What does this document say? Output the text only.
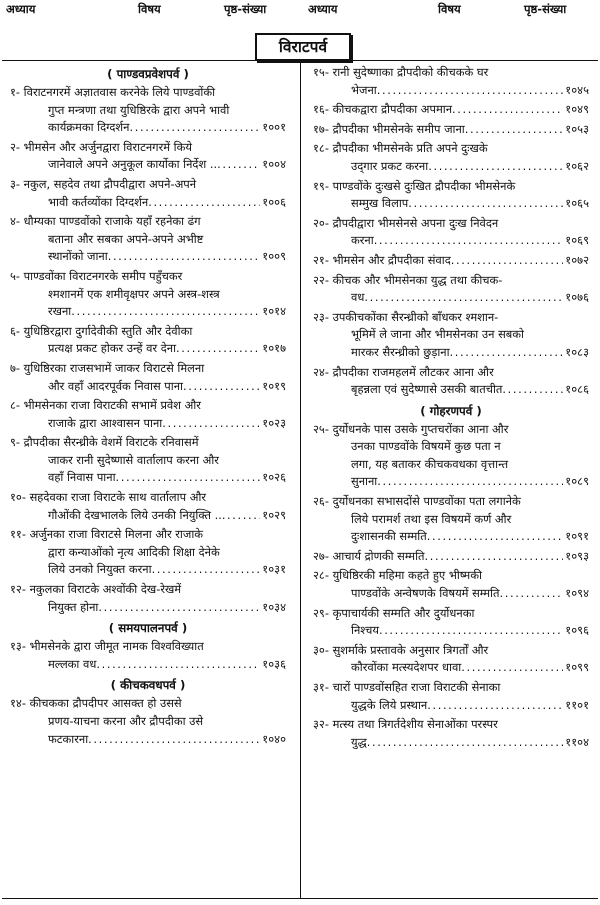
अध्याय	विषय	पृष्ठ-संख्या	अध्याय	विषय	पृष्ठ-संख्या
विराटपर्व
( पाण्डवप्रवेशपर्व )
१- विराटनगरमें अज्ञातवास करनेके लिये पाण्डवोंकी
गुप्त मन्त्रणा तथा युधिष्ठिरके द्वारा अपने भावी
कार्यक्रमका दिग्दर्शन . . .	१००१
२- भीमसेन और अर्जुनद्वारा विराटनगरमें किये
जानेवाले अपने अनुकूल कार्योका निर्देश .. . . .	१००४
३- नकुल, सहदेव तथा द्रौपदीद्वारा अपने-अपने
भावी कर्तव्योंका दिग्दर्शन . . .	१००६
४- धौम्यका पाण्डवोंको राजाके यहाँ रहनेका ढंग
बताना और सबका अपने-अपने अभीष्ट
स्थानोंको जाना . . .	१००९
५- पाण्डवोंका विराटनगरके समीप पहुँचकर
श्मशानमें एक शमीवृक्षपर अपने अस्त्र-शस्त्र
रखना . . .	१०१४
६- युधिष्ठिरद्वारा दुर्गादेवीकी स्तुति और देवीका
प्रत्यक्ष प्रकट होकर उन्हें वर देना . . .	१०१७
७- युधिष्ठिरका राजसभामें जाकर विराटसे मिलना
और वहाँ आदरपूर्वक निवास पाना . . .	१०१९
८- भीमसेनका राजा विराटकी सभामें प्रवेश और
राजाके द्वारा आश्वासन पाना . . .	१०२३
९- द्रौपदीका सैरन्ध्रीके वेशमें विराटके रनिवासमें
जाकर रानी सुदेष्णासे वार्तालाप करना और
वहाँ निवास पाना . . .	१०२६
१०- सहदेवका राजा विराटके साथ वार्तालाप और
गौओंकी देखभालके लिये उनकी नियुक्ति .. . . .	१०२९
११- अर्जुनका राजा विराटसे मिलना और राजाके
द्वारा कन्याओंको नृत्य आदिकी शिक्षा देनेके
लिये उनको नियुक्त करना . . .	१०३१
१२- नकुलका विराटके अश्वोंकी देख-रेखमें
नियुक्त होना . . .	१०३४
( समयपालनपर्व )
१३- भीमसेनके द्वारा जीमूत नामक विश्वविख्यात
मल्लका वध . . .	१०३६
( कीचकवधपर्व )
१४- कीचकका द्रौपदीपर आसक्त हो उससे
प्रणय-याचना करना और द्रौपदीका उसे
फटकारना . . .	१०४०
१५- रानी सुदेष्णाका द्रौपदीको कीचकके घर
भेजना . . .	१०४५
१६- कीचकद्वारा द्रौपदीका अपमान . . .	१०४९
१७- द्रौपदीका भीमसेनके समीप जाना . . .	१०५३
१८- द्रौपदीका भीमसेनके प्रति अपने दुःखके
उद्‌गार प्रकट करना . . .	१०६२
१९- पाण्डवोंके दुःखसे दुःखित द्रौपदीका भीमसेनके
सम्मुख विलाप . . .	१०६५
२०- द्रौपदीद्वारा भीमसेनसे अपना दुःख निवेदन
करना . . .	१०६९
२१- भीमसेन और द्रौपदीका संवाद . . .	१०७२
२२- कीचक और भीमसेनका युद्ध तथा कीचक-
वध . . .	१०७६
२३- उपकीचकोंका सैरन्ध्रीको बाँधकर श्मशान-
भूमिमें ले जाना और भीमसेनका उन सबको
मारकर सैरन्ध्रीको छुड़ाना . . .	१०८३
२४- द्रौपदीका राजमहलमें लौटकर आना और
बृहन्नला एवं सुदेष्णासे उसकी बातचीत . . .	१०८६
( गोहरणपर्व )
२५- दुर्योधनके पास उसके गुप्तचरोंका आना और
उनका पाण्डवोंके विषयमें कुछ पता न
लगा, यह बताकर कीचकवधका वृत्तान्त
सुनाना . . .	१०८९
२६- दुर्योधनका सभासदोंसे पाण्डवोंका पता लगानेके
लिये परामर्श तथा इस विषयमें कर्ण और
दुःशासनकी सम्मति . . .	१०९१
२७- आचार्य द्रोणकी सम्मति . . .	१०९३
२८- युधिष्ठिरकी महिमा कहते हुए भीष्मकी
पाण्डवोंके अन्वेषणके विषयमें सम्मति . . .	१०९४
२९- कृपाचार्यकी सम्मति और दुर्योधनका
निश्चय . . .	१०९६
३०- सुशर्माके प्रस्तावके अनुसार त्रिगर्तों और
कौरवोंका मत्स्यदेशपर धावा . . .	१०९९
३१- चारों पाण्डवोंसहित राजा विराटकी सेनाका
युद्धके लिये प्रस्थान . . .	११०१
३२- मत्स्य तथा त्रिगर्तदेशीय सेनाओंका परस्पर
युद्ध . . .	११०४
